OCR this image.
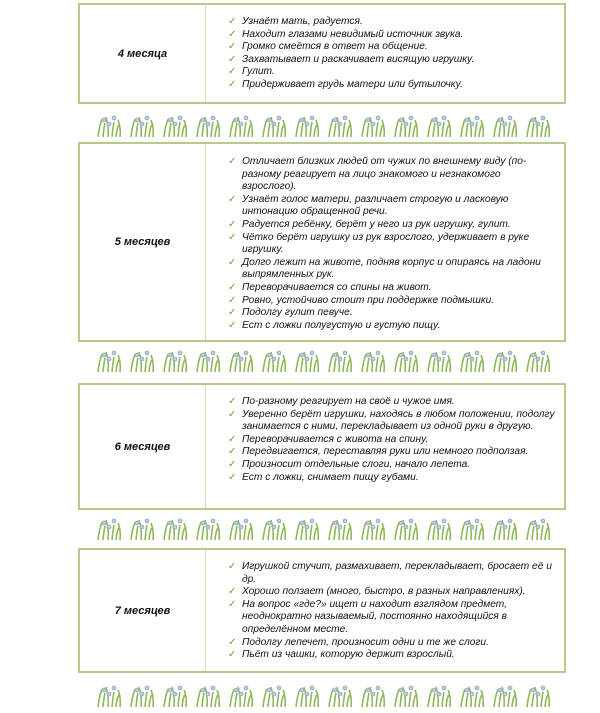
4 месяца
✓ Узнаёт мать, радуется.
✓ Находит глазами невидимый источник звука.
✓ Громко смеётся в ответ на общение.
✓ Захватывает и раскачивает висящую игрушку.
✓ Гулит.
✓ Придерживает грудь матери или бутылочку.
5 месяцев
✓ Отличает близких людей от чужих по внешнему виду (по-разному реагирует на лицо знакомого и незнакомого взрослого).
✓ Узнаёт голос матери, различает строгую и ласковую интонацию обращенной речи.
✓ Радуется ребёнку, берёт у него из рук игрушку, гулит.
✓ Чётко берёт игрушку из рук взрослого, удерживает в руке игрушку.
✓ Долго лежит на животе, подняв корпус и опираясь на ладони выпрямленных рук.
✓ Переворачивается со спины на живот.
✓ Ровно, устойчиво стоит при поддержке подмышки.
✓ Подолгу гулит певуче.
✓ Ест с ложки полугустую и густую пищу.
6 месяцев
✓ По-разному реагирует на своё и чужое имя.
✓ Уверенно берёт игрушки, находясь в любом положении, подолгу занимается с ними, перекладывает из одной руки в другую.
✓ Переворачивается с живота на спину.
✓ Передвигается, переставляя руки или немного подползая.
✓ Произносит отдельные слоги, начало лепета.
✓ Ест с ложки, снимает пищу губами.
7 месяцев
✓ Игрушкой стучит, размахивает, перекладывает, бросает её и др.
✓ Хорошо ползает (много, быстро, в разных направлениях).
✓ На вопрос «где?» ищет и находит взглядом предмет, неоднократно называемый, постоянно находящийся в определённом месте.
✓ Подолгу лепечет, произносит одни и те же слоги.
✓ Пьёт из чашки, которую держит взрослый.
